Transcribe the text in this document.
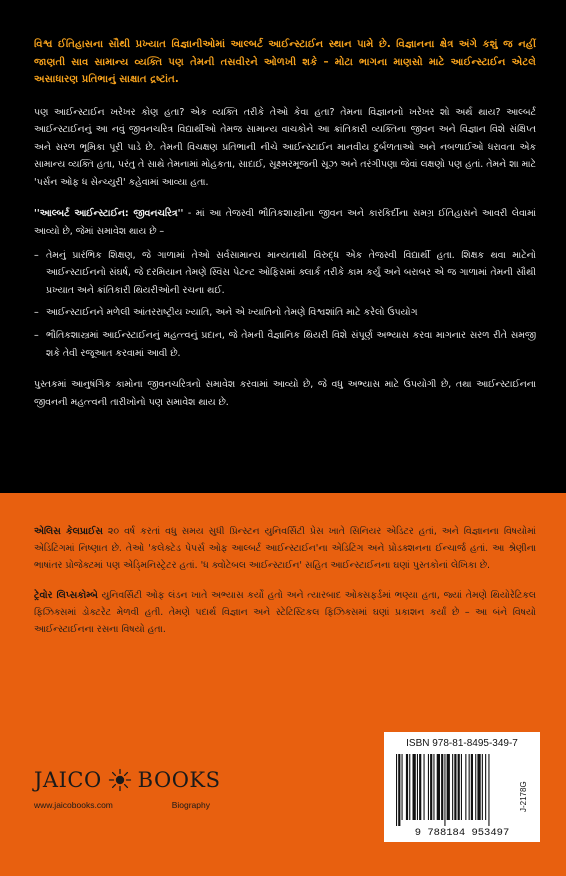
વિશ્વ ઈતિહાસના સૌથી પ્રખ્યાત વિજ્ઞાનીઓમાં આલ્બર્ટ આઈન્સ્ટાઈન સ્થાન પામે છે. વિજ્ઞાનના ક્ષેત્ર અંગે કશું જ નહીં જાણતી સાવ સામાન્ય વ્યક્તિ પણ તેમની તસવીરને ઓળખી શકે – મોટા ભાગના માણસો માટે આઈન્સ્ટાઈન એટલે અસાધારણ પ્રતિભાનું સાક્ષાત દ્રષ્ટાંત.

પણ આઈન્સ્ટાઈન ખરેખર કોણ હતા? એક વ્યક્તિ તરીકે તેઓ કેવા હતા? તેમના વિજ્ઞાનનો ખરેખર શો અર્થ થાય? આલ્બર્ટ આઈન્સ્ટાઈનનું આ નવું જીવનચરિત્ર વિદ્યાર્થીઓ તેમજ સામાન્ય વાચકોને આ ક્રાંતિકારી વ્યક્તિના જીવન અને વિજ્ઞાન વિશે સંક્ષિપ્ત અને સરળ ભૂમિકા પૂરી પાડે છે. તેમની વિચક્ષણ પ્રતિભાની નીચે આઈન્સ્ટાઈન માનવીય દુર્બળતાઓ અને નબળાઈઓ ધરાવતા એક સામાન્ય વ્યક્તિ હતા, પરંતુ તે સાથે તેમનામાં મોહકતા, સાદાઈ, સૂક્ષ્મરમૂજની સૂઝ અને તરંગીપણા જેવાં લક્ષણો પણ હતાં. તેમને શા માટે 'પર્સન ઓફ ધ સેન્ચ્યુરી' કહેવામાં આવ્યા હતા.

''આલ્બર્ટ આઈન્સ્ટાઈન: જીવનચરિત્ર'' - માં આ તેજસ્વી ભૌતિકશાસ્ત્રીના જીવન અને કારકિર્દીના સમગ્ર ઈતિહાસને આવરી લેવામાં આવ્યો છે, જેમાં સમાવેશ થાય છે –

– તેમનું પ્રારંભિક શિક્ષણ, જે ગાળામાં તેઓ સર્વસામાન્ય માન્યતાથી વિરુદ્ધ એક તેજસ્વી વિદ્યાર્થી હતા. શિક્ષક થવા માટેનો આઈન્સ્ટાઈનનો સંઘર્ષ, જે દરમિયાન તેમણે સ્વિસ પેટન્ટ ઓફિસમાં ક્લાર્ક તરીકે કામ કર્યું અને બરાબર એ જ ગાળામાં તેમની સૌથી પ્રખ્યાત અને ક્રાંતિકારી થિયરીઓની રચના થઈ.
– આઈન્સ્ટાઈનને મળેલી આંતરરાષ્ટ્રીય ખ્યાતિ, અને એ ખ્યાતિનો તેમણે વિશ્વશાંતિ માટે કરેલો ઉપયોગ
– ભૌતિકશાસ્ત્રમાં આઈન્સ્ટાઈનનું મહત્ત્વનું પ્રદાન, જે તેમની વૈજ્ઞાનિક થિયરી વિશે સંપૂર્ણ અભ્યાસ કરવા માગનાર સરળ રીતે સમજી શકે તેવી રજૂઆત કરવામાં આવી છે.

પુસ્તકમાં આનુષંગિક કામોના જીવનચરિત્રનો સમાવેશ કરવામાં આવ્યો છે, જે વધુ અભ્યાસ માટે ઉપયોગી છે, તથા આઈન્સ્ટાઈનના જીવનની મહત્ત્વની તારીખોનો પણ સમાવેશ થાય છે.

એલિસ કેલપ્રાઈસ ૨૦ વર્ષ કરતાં વધુ સમય સુધી પ્રિન્સ્ટન યુનિવર્સિટી પ્રેસ ખાતે સિનિયર એડિટર હતાં, અને વિજ્ઞાનના વિષયોમાં એડિટિંગમાં નિષ્ણાત છે. તેઓ 'કલેક્ટેડ પેપર્સ ઓફ આલ્બર્ટ આઈન્સ્ટાઈન'ના એડિટિંગ અને પ્રોડક્શનના ઈન્ચાર્જ હતાં. આ શ્રેણીના ભાષાંતર પ્રોજેક્ટમાં પણ એડ્મિનિસ્ટ્રેટર હતાં. 'ધ ક્વોટેબલ આઈન્સ્ટાઈન' સહિત આઈન્સ્ટાઈનના ઘણાં પુસ્તકોનાં લેખિકા છે.

ટ્રેવોર લિપ્સકોમ્બે યુનિવર્સિટી ઓફ લંડન ખાતે અભ્યાસ કર્યો હતો અને ત્યારબાદ ઓક્સફર્ડમાં ભણ્યા હતા, જ્યાં તેમણે થિયોરેટિકલ ફિઝિક્સમાં ડોક્ટરેટ મેળવી હતી. તેમણે પદાર્થ વિજ્ઞાન અને સ્ટેટિસ્ટિકલ ફિઝિક્સમાં ઘણાં પ્રકાશન કર્યાં છે – આ બંને વિષયો આઈન્સ્ટાઈનના રસના વિષયો હતા.

JAICO BOOKS
www.jaicobooks.com	Biography
ISBN 978-81-8495-349-7
9 788184 953497
J-2178G
